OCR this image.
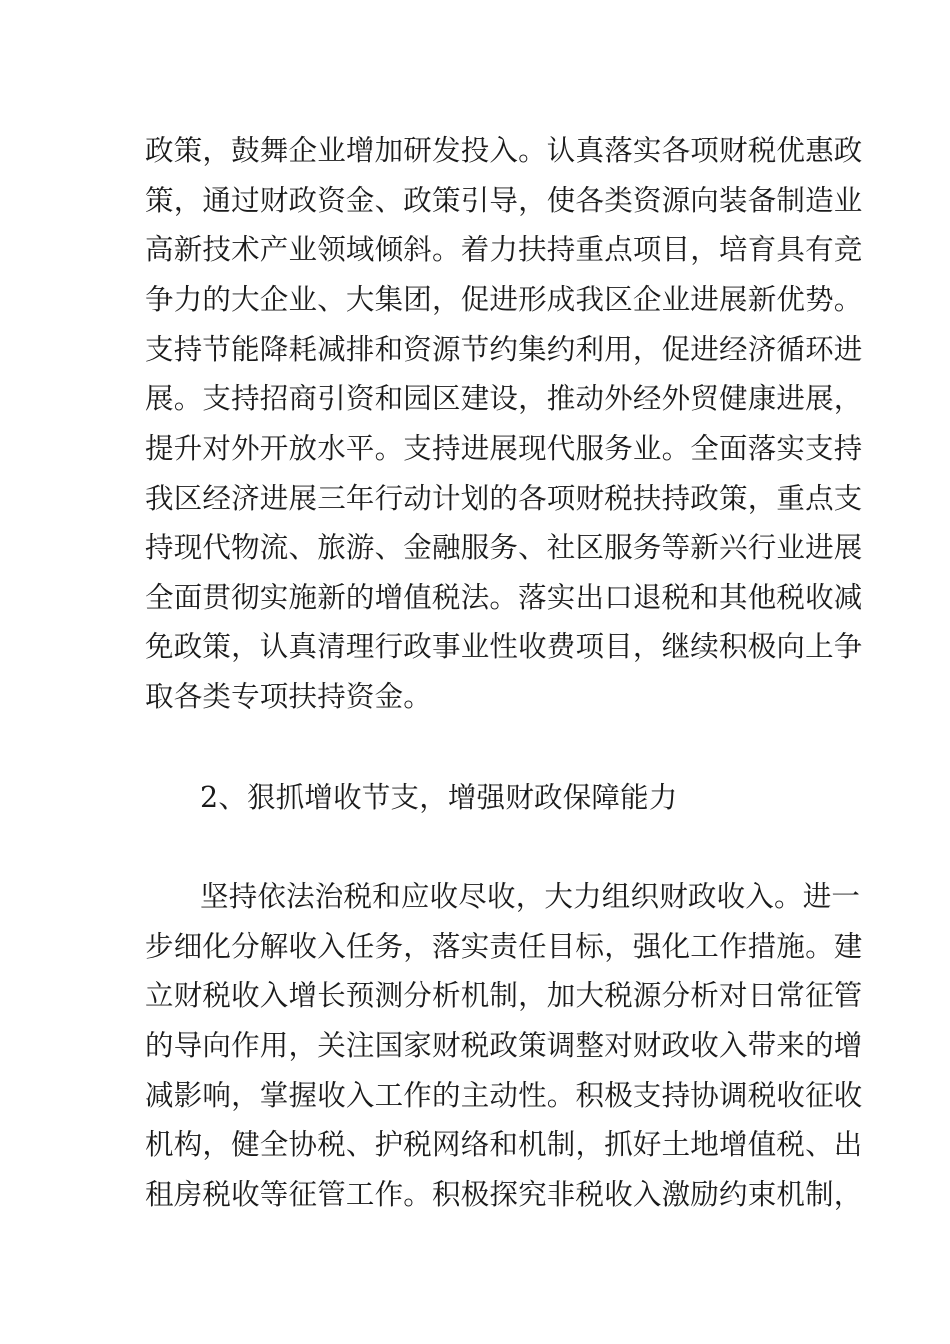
政策，鼓舞企业增加研发投入。认真落实各项财税优惠政
策，通过财政资金、政策引导，使各类资源向装备制造业
高新技术产业领域倾斜。着力扶持重点项目，培育具有竞
争力的大企业、大集团，促进形成我区企业进展新优势。
支持节能降耗减排和资源节约集约利用，促进经济循环进
展。支持招商引资和园区建设，推动外经外贸健康进展，
提升对外开放水平。支持进展现代服务业。全面落实支持
我区经济进展三年行动计划的各项财税扶持政策，重点支
持现代物流、旅游、金融服务、社区服务等新兴行业进展
全面贯彻实施新的增值税法。落实出口退税和其他税收减
免政策，认真清理行政事业性收费项目，继续积极向上争
取各类专项扶持资金。
2、狠抓增收节支，增强财政保障能力
坚持依法治税和应收尽收，大力组织财政收入。进一
步细化分解收入任务，落实责任目标，强化工作措施。建
立财税收入增长预测分析机制，加大税源分析对日常征管
的导向作用，关注国家财税政策调整对财政收入带来的增
减影响，掌握收入工作的主动性。积极支持协调税收征收
机构，健全协税、护税网络和机制，抓好土地增值税、出
租房税收等征管工作。积极探究非税收入激励约束机制，
